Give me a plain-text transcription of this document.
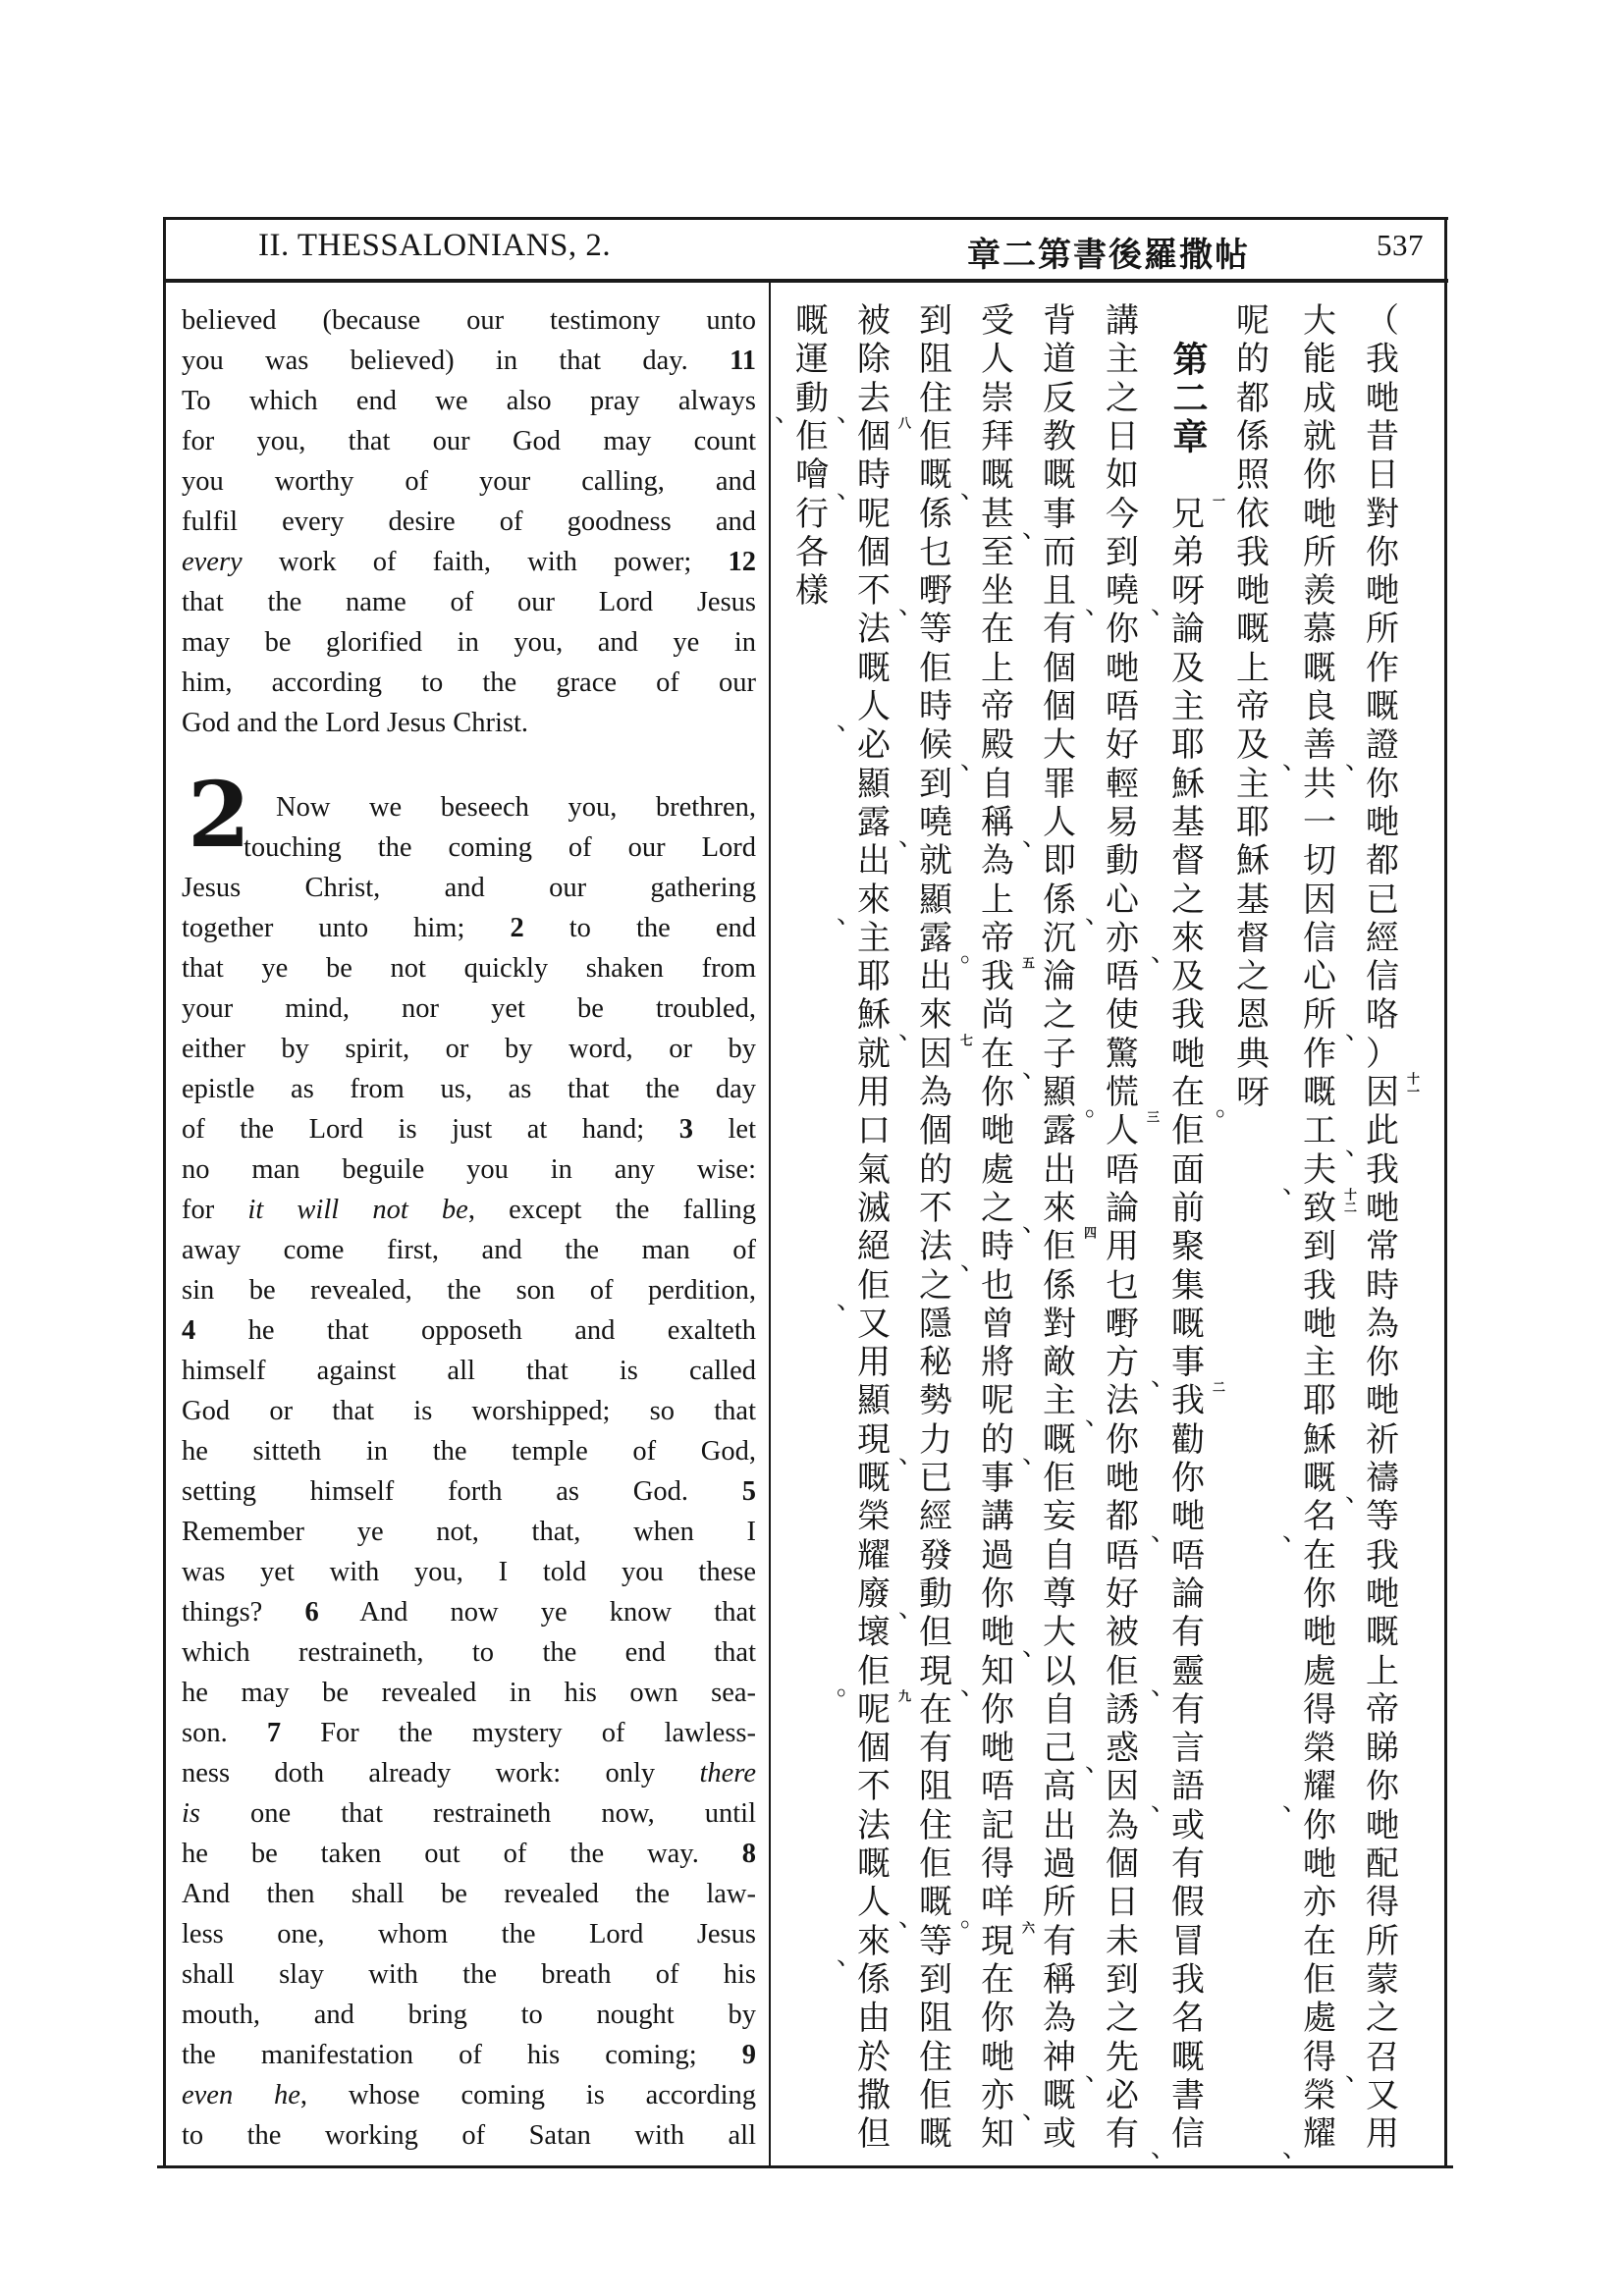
II. THESSALONIANS, 2.	章二第書後羅撒帖	537
2
believed (because our testimony unto
you was believed) in that day. 11
To which end we also pray always
for you, that our God may count
you worthy of your calling, and
fulfil every desire of goodness and
every work of faith, with power; 12
that the name of our Lord Jesus
may be glorified in you, and ye in
him, according to the grace of our
God and the Lord Jesus Christ.
Now we beseech you, brethren,
touching the coming of our Lord
Jesus Christ, and our gathering
together unto him; 2 to the end
that ye be not quickly shaken from
your mind, nor yet be troubled,
either by spirit, or by word, or by
epistle as from us, as that the day
of the Lord is just at hand; 3 let
no man beguile you in any wise:
for it will not be, except the falling
away come first, and the man of
sin be revealed, the son of perdition,
4 he that opposeth and exalteth
himself against all that is called
God or that is worshipped; so that
he sitteth in the temple of God,
setting himself forth as God. 5
Remember ye not, that, when I
was yet with you, I told you these
things? 6 And now ye know that
which restraineth, to the end that
he may be revealed in his own sea-
son. 7 For the mystery of lawless-
ness doth already work: only there
is one that restraineth now, until
he be taken out of the way. 8
And then shall be revealed the law-
less one, whom the Lord Jesus
shall slay with the breath of his
mouth, and bring to nought by
the manifestation of his coming; 9
even he, whose coming is according
to the working of Satan with all
第二章
（
我
哋
昔
日
對
你
哋
所
作
嘅
證
、
你
哋
都
已
經
信
咯
、
）
因 十一
此
、
我
哋
常
時
為
你
哋
祈
禱
、
等
我
哋
嘅
上
帝
睇
你
哋
配
得
所
蒙
之
召
、
又
用
大
能
成
就
你
哋
所
羨
慕
嘅
良
善
、
共
一
切
因
信
心
所
作
嘅
工
夫
、
致 十二
到
我
哋
主
耶
穌
嘅
名
、
在
你
哋
處
得
榮
耀
、
你
哋
亦
在
佢
處
得
榮
耀
、
呢
的
都
係
照
依
我
哋
嘅
上
帝
及
主
耶
穌
基
督
之
恩
典
呀
。
兄 一
弟
呀
、
論
及
主
耶
穌
基
督
之
來
、
及
我
哋
在
佢
面
前
聚
集
嘅
事
、
我 二
勸
你
哋
、
唔
論
有
靈
、
有
言
語
、
或
有
假
冒
我
名
嘅
書
信
、
講
主
之
日
如
今
到
嘵
、
你
哋
唔
好
輕
易
動
心
、
亦
唔
使
驚
慌
。
人 三
唔
論
用
乜
嘢
方
法
、
你
哋
都
唔
好
被
佢
誘
惑
、
因
為
個
日
未
到
之
先
、
必
有
背
道
反
教
嘅
事
、
而
且
有
個
個
大
罪
人
、
即
係
沉
淪
之
子
、
顯
露
出
來
、
佢 四
係
對
敵
主
嘅
、
佢
妄
自
尊
大
、
以
自
己
高
出
過
所
有
稱
為
神
嘅
、
或
受
人
崇
拜
嘅
、
甚
至
坐
在
上
帝
殿
、
自
稱
為
上
帝
。
我 五
尚
在
你
哋
處
之
時
、
也
曾
將
呢
的
事
講
過
你
哋
知
、
你
哋
唔
記
得
咩
。
現 六
在
你
哋
亦
知
到
阻
住
佢
嘅
係
乜
嘢
、
等
佢
時
候
到
嘵
、
就
顯
露
出
來
、
因 七
為
個
的
不
法
之
隱
秘
勢
力
、
已
經
發
動
、
但
現
在
有
阻
住
佢
嘅
、
等
到
阻
住
佢
嘅
被
除
去
、
個 八
時
、
呢
個
不
法
嘅
人
、
必
顯
露
出
來
、
主
耶
穌
就
用
口
氣
滅
絕
佢
、
又
用
顯
現
嘅
榮
耀
廢
壞
佢
。
呢 九
個
不
法
嘅
人
來
、
係
由
於
撒
但
嘅
運
動
、
佢
噲
行
各
樣
